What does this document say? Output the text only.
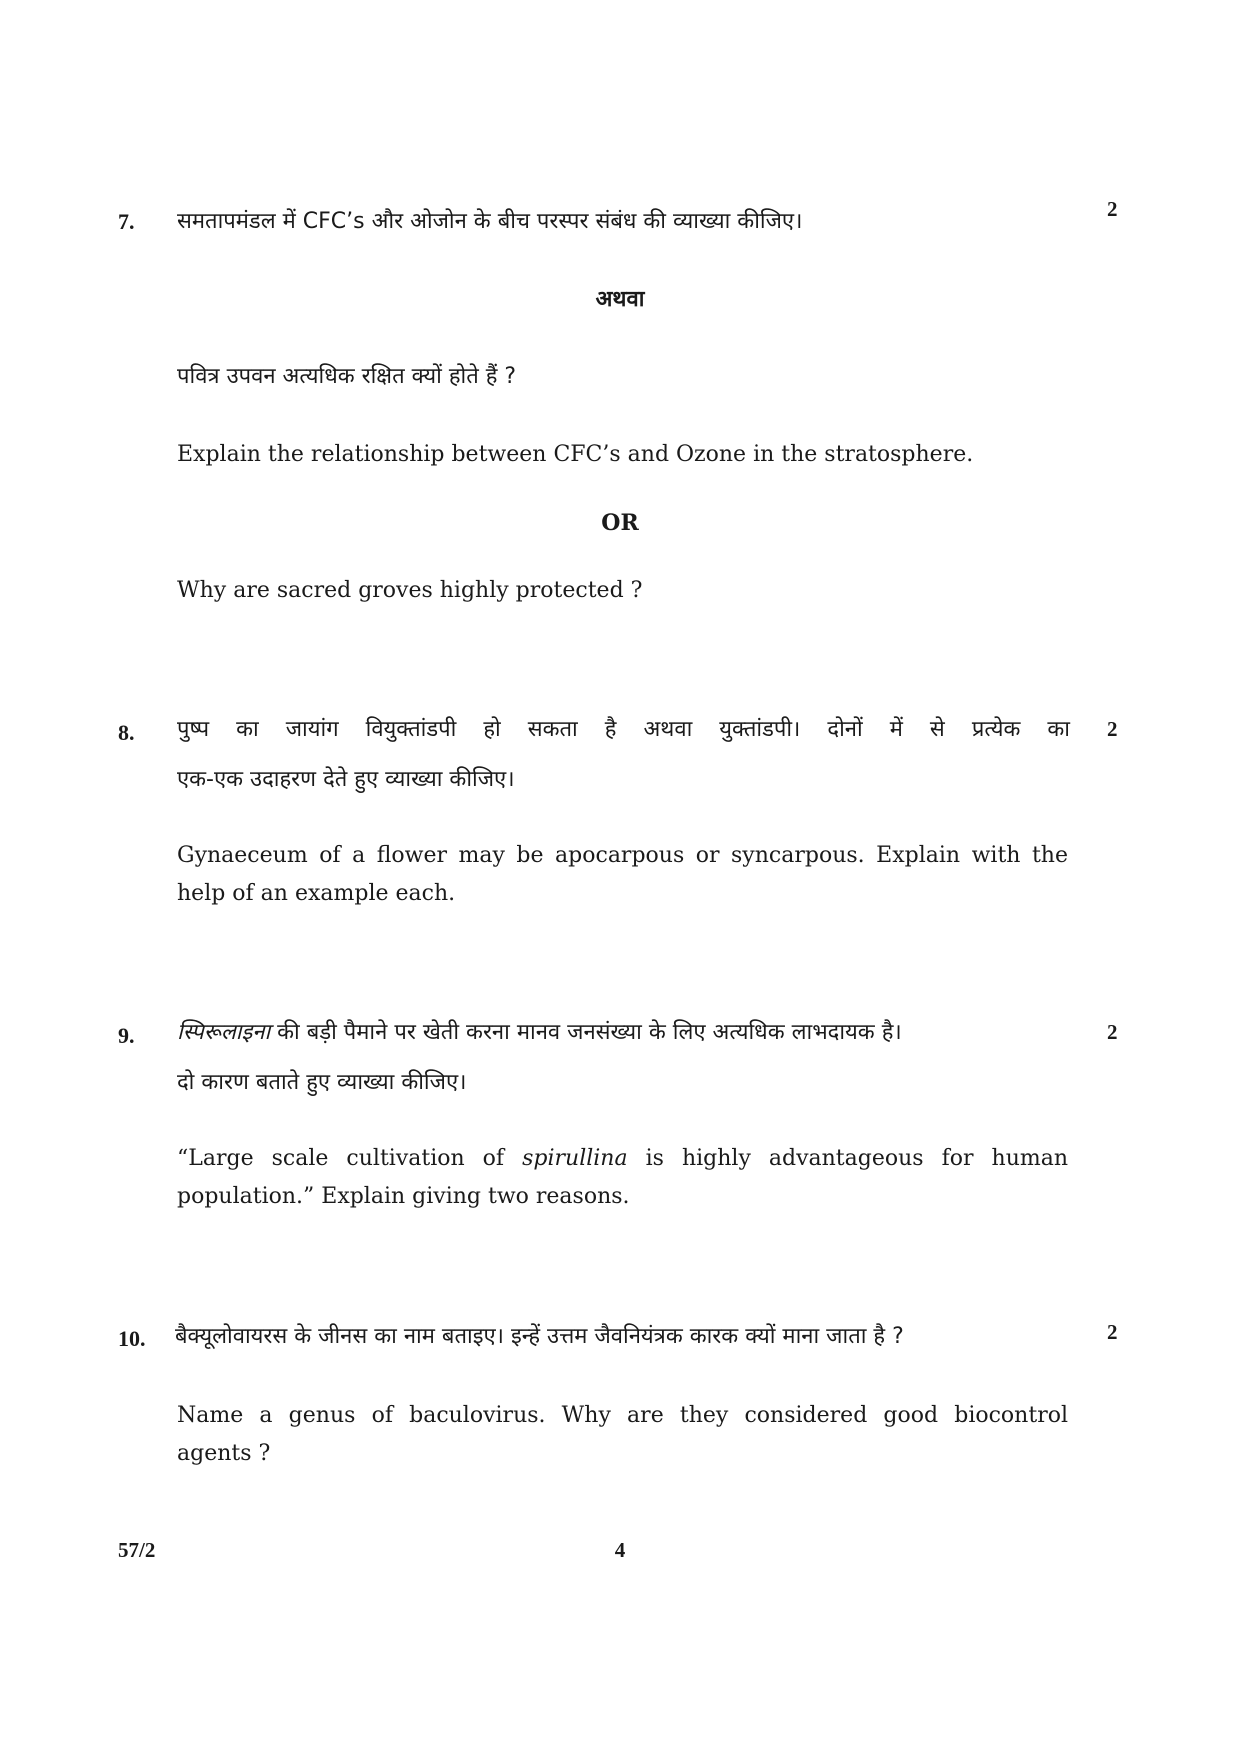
7. समतापमंडल में CFC’s और ओजोन के बीच परस्पर संबंध की व्याख्या कीजिए।	2
अथवा
पवित्र उपवन अत्यधिक रक्षित क्यों होते हैं ?
Explain the relationship between CFC’s and Ozone in the stratosphere.
OR
Why are sacred groves highly protected ?
8. पुष्प का जायांग वियुक्तांडपी हो सकता है अथवा युक्तांडपी। दोनों में से प्रत्येक का 2
एक-एक उदाहरण देते हुए व्याख्या कीजिए।
Gynaeceum of a flower may be apocarpous or syncarpous. Explain with the
help of an example each.
9. स्पिरूलाइना की बड़ी पैमाने पर खेती करना मानव जनसंख्या के लिए अत्यधिक लाभदायक है।	2
दो कारण बताते हुए व्याख्या कीजिए।
“Large scale cultivation of spirullina is highly advantageous for human
population.” Explain giving two reasons.
10. बैक्यूलोवायरस के जीनस का नाम बताइए। इन्हें उत्तम जैवनियंत्रक कारक क्यों माना जाता है ?	2
Name a genus of baculovirus. Why are they considered good biocontrol
agents ?
57/2	4
